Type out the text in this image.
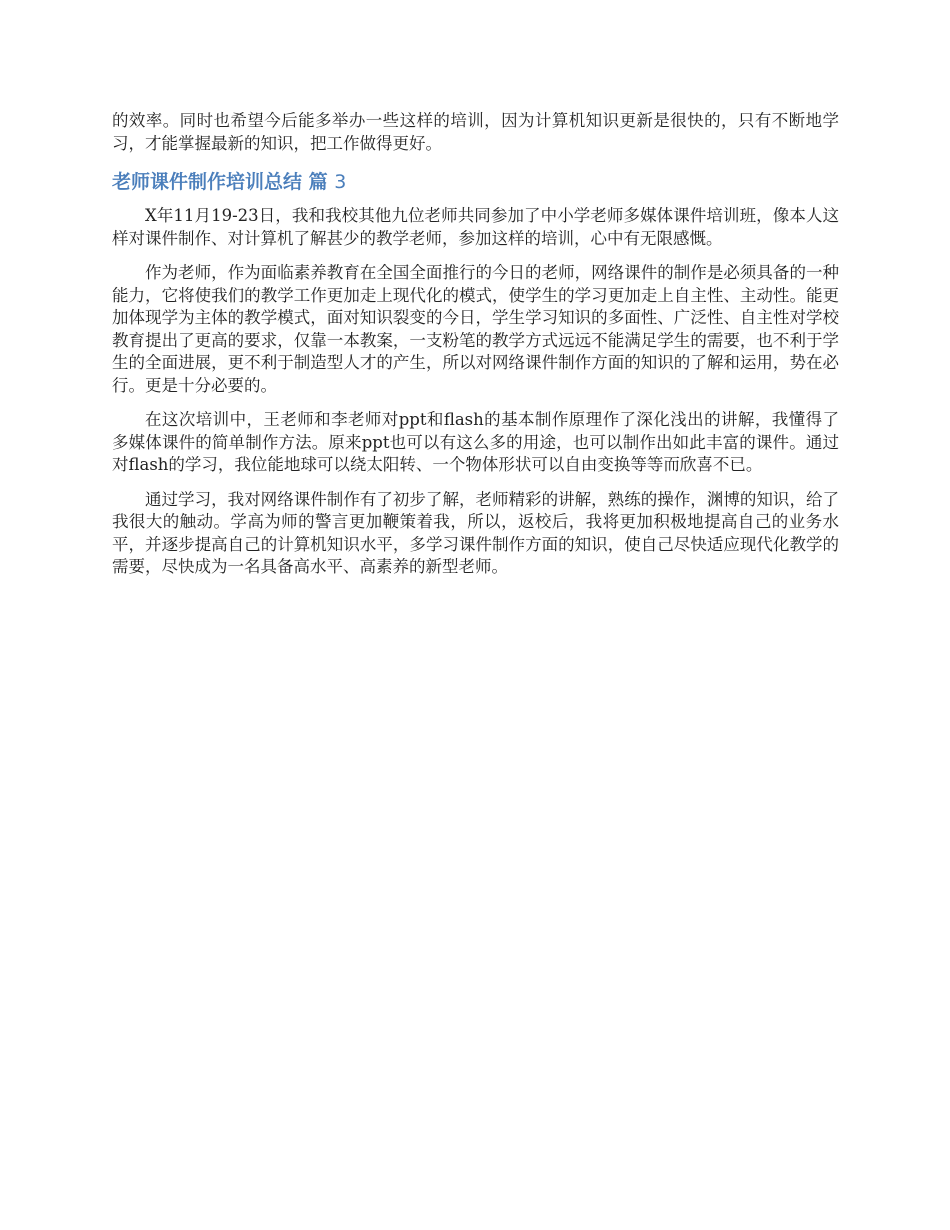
的效率。同时也希望今后能多举办一些这样的培训，因为计算机知识更新是很快的，只有不断地学习，才能掌握最新的知识，把工作做得更好。

老师课件制作培训总结 篇 3

X年11月19-23日，我和我校其他九位老师共同参加了中小学老师多媒体课件培训班，像本人这样对课件制作、对计算机了解甚少的教学老师，参加这样的培训，心中有无限感慨。

作为老师，作为面临素养教育在全国全面推行的今日的老师，网络课件的制作是必须具备的一种能力，它将使我们的教学工作更加走上现代化的模式，使学生的学习更加走上自主性、主动性。能更加体现学为主体的教学模式，面对知识裂变的今日，学生学习知识的多面性、广泛性、自主性对学校教育提出了更高的要求，仅靠一本教案，一支粉笔的教学方式远远不能满足学生的需要，也不利于学生的全面进展，更不利于制造型人才的产生，所以对网络课件制作方面的知识的了解和运用，势在必行。更是十分必要的。

在这次培训中，王老师和李老师对ppt和flash的基本制作原理作了深化浅出的讲解，我懂得了多媒体课件的简单制作方法。原来ppt也可以有这么多的用途，也可以制作出如此丰富的课件。通过对flash的学习，我位能地球可以绕太阳转、一个物体形状可以自由变换等等而欣喜不已。

通过学习，我对网络课件制作有了初步了解，老师精彩的讲解，熟练的操作，渊博的知识，给了我很大的触动。学高为师的警言更加鞭策着我，所以，返校后，我将更加积极地提高自己的业务水平，并逐步提高自己的计算机知识水平，多学习课件制作方面的知识，使自己尽快适应现代化教学的需要，尽快成为一名具备高水平、高素养的新型老师。
